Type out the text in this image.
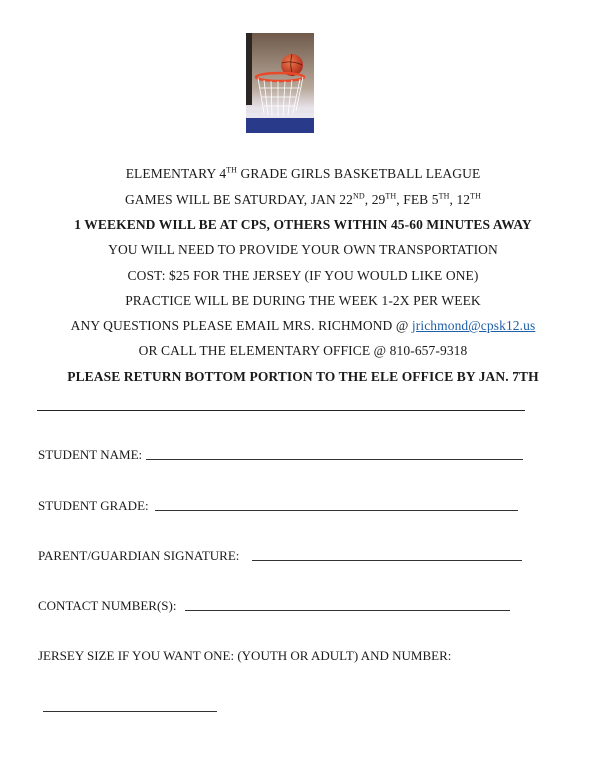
ELEMENTARY 4TH GRADE GIRLS BASKETBALL LEAGUE
GAMES WILL BE SATURDAY, JAN 22ND, 29TH, FEB 5TH, 12TH
1 WEEKEND WILL BE AT CPS, OTHERS WITHIN 45-60 MINUTES AWAY
YOU WILL NEED TO PROVIDE YOUR OWN TRANSPORTATION
COST: $25 FOR THE JERSEY (IF YOU WOULD LIKE ONE)
PRACTICE WILL BE DURING THE WEEK 1-2X PER WEEK
ANY QUESTIONS PLEASE EMAIL MRS. RICHMOND @ jrichmond@cpsk12.us
OR CALL THE ELEMENTARY OFFICE @ 810-657-9318
PLEASE RETURN BOTTOM PORTION TO THE ELE OFFICE BY JAN. 7TH
STUDENT NAME:
STUDENT GRADE:
PARENT/GUARDIAN SIGNATURE:
CONTACT NUMBER(S):
JERSEY SIZE IF YOU WANT ONE: (YOUTH OR ADULT) AND NUMBER:
